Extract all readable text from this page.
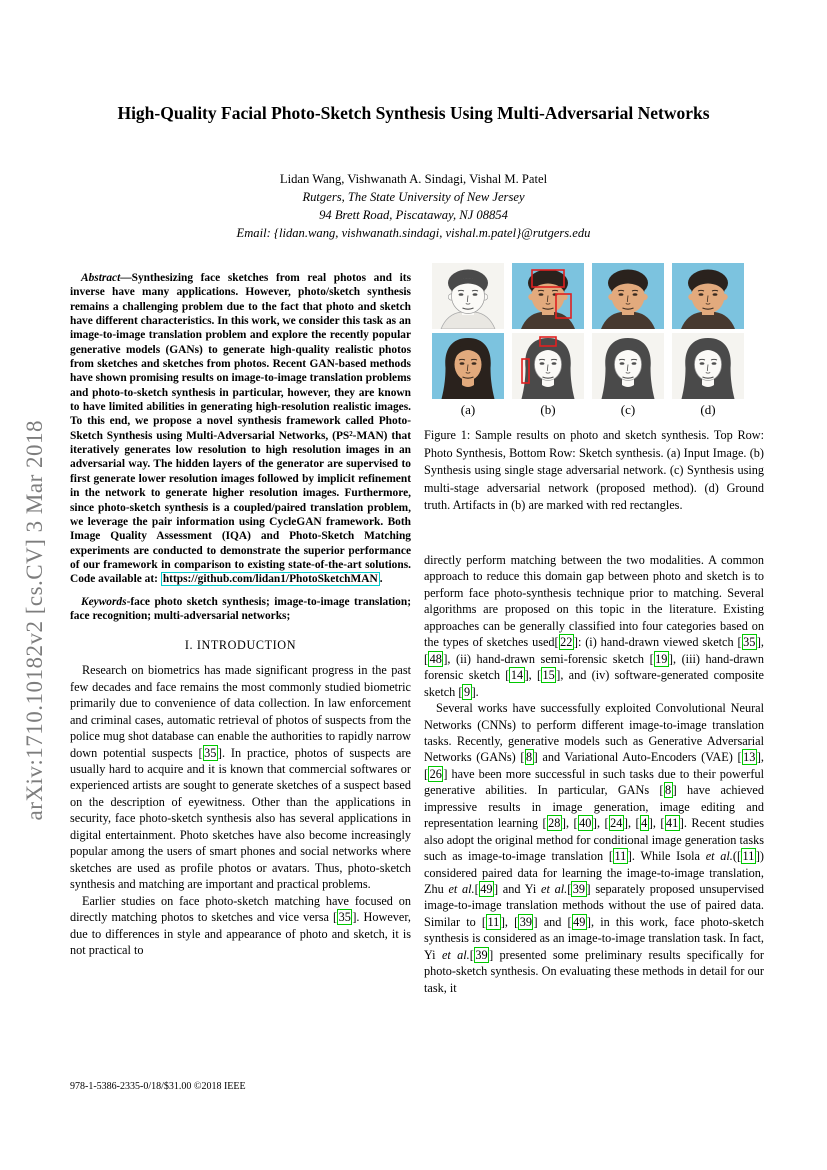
arXiv:1710.10182v2 [cs.CV] 3 Mar 2018
High-Quality Facial Photo-Sketch Synthesis Using Multi-Adversarial Networks
Lidan Wang, Vishwanath A. Sindagi, Vishal M. Patel
Rutgers, The State University of New Jersey
94 Brett Road, Piscataway, NJ 08854
Email: {lidan.wang, vishwanath.sindagi, vishal.m.patel}@rutgers.edu

Abstract—Synthesizing face sketches from real photos and its inverse have many applications. However, photo/sketch synthesis remains a challenging problem due to the fact that photo and sketch have different characteristics. In this work, we consider this task as an image-to-image translation problem and explore the recently popular generative models (GANs) to generate high-quality realistic photos from sketches and sketches from photos. Recent GAN-based methods have shown promising results on image-to-image translation problems and photo-to-sketch synthesis in particular, however, they are known to have limited abilities in generating high-resolution realistic images. To this end, we propose a novel synthesis framework called Photo-Sketch Synthesis using Multi-Adversarial Networks, (PS²-MAN) that iteratively generates low resolution to high resolution images in an adversarial way. The hidden layers of the generator are supervised to first generate lower resolution images followed by implicit refinement in the network to generate higher resolution images. Furthermore, since photo-sketch synthesis is a coupled/paired translation problem, we leverage the pair information using CycleGAN framework. Both Image Quality Assessment (IQA) and Photo-Sketch Matching experiments are conducted to demonstrate the superior performance of our framework in comparison to existing state-of-the-art solutions. Code available at: https://github.com/lidan1/PhotoSketchMAN .

Keywords-face photo sketch synthesis; image-to-image translation; face recognition; multi-adversarial networks;

I. INTRODUCTION

Research on biometrics has made significant progress in the past few decades and face remains the most commonly studied biometric primarily due to convenience of data collection. In law enforcement and criminal cases, automatic retrieval of photos of suspects from the police mug shot database can enable the authorities to rapidly narrow down potential suspects [ 35 ]. In practice, photos of suspects are usually hard to acquire and it is known that commercial softwares or experienced artists are sought to generate sketches of a suspect based on the description of eyewitness. Other than the applications in security, face photo-sketch synthesis also has several applications in digital entertainment. Photo sketches have also become increasingly popular among the users of smart phones and social networks where sketches are used as profile photos or avatars. Thus, photo-sketch synthesis and matching are important and practical problems.

Earlier studies on face photo-sketch matching have focused on directly matching photos to sketches and vice versa [ 35 ]. However, due to differences in style and appearance of photo and sketch, it is not practical to

(a)	(b)	(c)	(d)

Figure 1: Sample results on photo and sketch synthesis. Top Row: Photo Synthesis, Bottom Row: Sketch synthesis. (a) Input Image. (b) Synthesis using single stage adversarial network. (c) Synthesis using multi-stage adversarial network (proposed method). (d) Ground truth. Artifacts in (b) are marked with red rectangles.

directly perform matching between the two modalities. A common approach to reduce this domain gap between photo and sketch is to perform face photo-synthesis technique prior to matching. Several algorithms are proposed on this topic in the literature. Existing approaches can be generally classified into four categories based on the types of sketches used[ 22 ]: (i) hand-drawn viewed sketch [ 35 ],[ 48 ], (ii) hand-drawn semi-forensic sketch [ 19 ], (iii) hand-drawn forensic sketch [ 14 ], [ 15 ], and (iv) software-generated composite sketch [ 9 ].

Several works have successfully exploited Convolutional Neural Networks (CNNs) to perform different image-to-image translation tasks. Recently, generative models such as Generative Adversarial Networks (GANs) [ 8 ] and Variational Auto-Encoders (VAE) [ 13 ], [ 26 ] have been more successful in such tasks due to their powerful generative abilities. In particular, GANs [ 8 ] have achieved impressive results in image generation, image editing and representation learning [ 28 ], [ 40 ], [ 24 ], [ 4 ], [ 41 ]. Recent studies also adopt the original method for conditional image generation tasks such as image-to-image translation [ 11 ]. While Isola et al.([ 11 ]) considered paired data for learning the image-to-image translation, Zhu et al.[ 49 ] and Yi et al.[ 39 ] separately proposed unsupervised image-to-image translation methods without the use of paired data. Similar to [ 11 ], [ 39 ] and [ 49 ], in this work, face photo-sketch synthesis is considered as an image-to-image translation task. In fact, Yi et al.[ 39 ] presented some preliminary results specifically for photo-sketch synthesis. On evaluating these methods in detail for our task, it

978-1-5386-2335-0/18/$31.00 ©2018 IEEE
